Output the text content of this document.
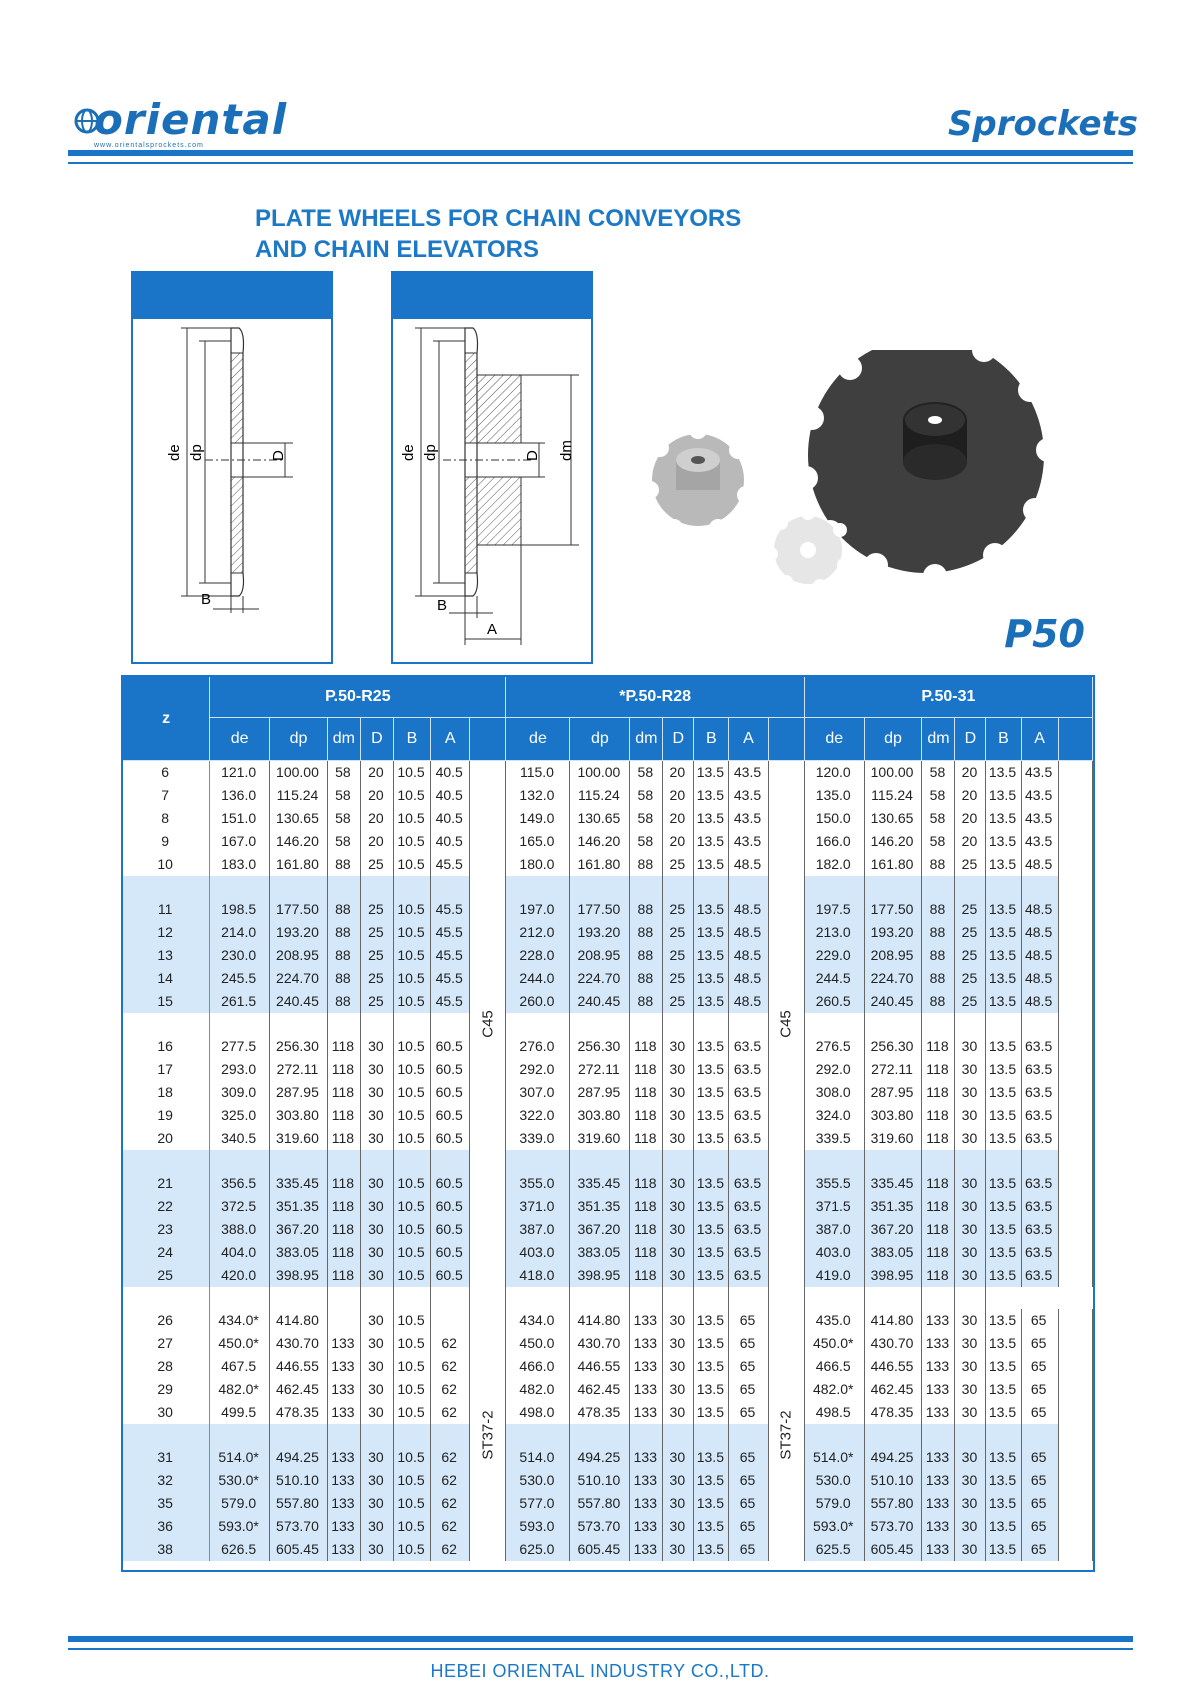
oriental
www.orientalsprockets.com
Sprockets
PLATE WHEELS FOR CHAIN CONVEYORS
AND CHAIN ELEVATORS
de dp	D
B
de dp	D dm
B
A	P50
z	P.50-R25							*P.50-R28							P.50-31						
	de	dp	dm	D	B	A		de	dp	dm	D	B	A		de	dp	dm	D	B	A	
6	121.0	100.00	58	20	10.5	40.5	C45	115.0	100.00	58	20	13.5	43.5	C45	120.0	100.00	58	20	13.5	43.5	
7	136.0	115.24	58	20	10.5	40.5		132.0	115.24	58	20	13.5	43.5		135.0	115.24	58	20	13.5	43.5	
8	151.0	130.65	58	20	10.5	40.5		149.0	130.65	58	20	13.5	43.5		150.0	130.65	58	20	13.5	43.5	
9	167.0	146.20	58	20	10.5	40.5		165.0	146.20	58	20	13.5	43.5		166.0	146.20	58	20	13.5	43.5	
10	183.0	161.80	88	25	10.5	45.5		180.0	161.80	88	25	13.5	48.5		182.0	161.80	88	25	13.5	48.5	

11	198.5	177.50	88	25	10.5	45.5		197.0	177.50	88	25	13.5	48.5		197.5	177.50	88	25	13.5	48.5	
12	214.0	193.20	88	25	10.5	45.5		212.0	193.20	88	25	13.5	48.5		213.0	193.20	88	25	13.5	48.5	
13	230.0	208.95	88	25	10.5	45.5		228.0	208.95	88	25	13.5	48.5		229.0	208.95	88	25	13.5	48.5	
14	245.5	224.70	88	25	10.5	45.5		244.0	224.70	88	25	13.5	48.5		244.5	224.70	88	25	13.5	48.5	
15	261.5	240.45	88	25	10.5	45.5		260.0	240.45	88	25	13.5	48.5		260.5	240.45	88	25	13.5	48.5	

16	277.5	256.30	118	30	10.5	60.5		276.0	256.30	118	30	13.5	63.5		276.5	256.30	118	30	13.5	63.5	
17	293.0	272.11	118	30	10.5	60.5		292.0	272.11	118	30	13.5	63.5		292.0	272.11	118	30	13.5	63.5	
18	309.0	287.95	118	30	10.5	60.5		307.0	287.95	118	30	13.5	63.5		308.0	287.95	118	30	13.5	63.5	
19	325.0	303.80	118	30	10.5	60.5		322.0	303.80	118	30	13.5	63.5		324.0	303.80	118	30	13.5	63.5	
20	340.5	319.60	118	30	10.5	60.5		339.0	319.60	118	30	13.5	63.5		339.5	319.60	118	30	13.5	63.5	

21	356.5	335.45	118	30	10.5	60.5		355.0	335.45	118	30	13.5	63.5		355.5	335.45	118	30	13.5	63.5	
22	372.5	351.35	118	30	10.5	60.5		371.0	351.35	118	30	13.5	63.5		371.5	351.35	118	30	13.5	63.5	
23	388.0	367.20	118	30	10.5	60.5		387.0	367.20	118	30	13.5	63.5		387.0	367.20	118	30	13.5	63.5	
24	404.0	383.05	118	30	10.5	60.5		403.0	383.05	118	30	13.5	63.5		403.0	383.05	118	30	13.5	63.5	
25	420.0	398.95	118	30	10.5	60.5		418.0	398.95	118	30	13.5	63.5		419.0	398.95	118	30	13.5	63.5	

26	434.0*	414.80		30	10.5		ST37-2	434.0	414.80	133	30	13.5	65	ST37-2	435.0	414.80	133	30	13.5	65	
27	450.0*	430.70	133	30	10.5	62		450.0	430.70	133	30	13.5	65		450.0*	430.70	133	30	13.5	65	
28	467.5	446.55	133	30	10.5	62		466.0	446.55	133	30	13.5	65		466.5	446.55	133	30	13.5	65	
29	482.0*	462.45	133	30	10.5	62		482.0	462.45	133	30	13.5	65		482.0*	462.45	133	30	13.5	65	
30	499.5	478.35	133	30	10.5	62		498.0	478.35	133	30	13.5	65		498.5	478.35	133	30	13.5	65	

31	514.0*	494.25	133	30	10.5	62		514.0	494.25	133	30	13.5	65		514.0*	494.25	133	30	13.5	65	
32	530.0*	510.10	133	30	10.5	62		530.0	510.10	133	30	13.5	65		530.0	510.10	133	30	13.5	65	
35	579.0	557.80	133	30	10.5	62		577.0	557.80	133	30	13.5	65		579.0	557.80	133	30	13.5	65	
36	593.0*	573.70	133	30	10.5	62		593.0	573.70	133	30	13.5	65		593.0*	573.70	133	30	13.5	65	
38	626.5	605.45	133	30	10.5	62		625.0	605.45	133	30	13.5	65		625.5	605.45	133	30	13.5	65	
HEBEI ORIENTAL INDUSTRY CO.,LTD.
